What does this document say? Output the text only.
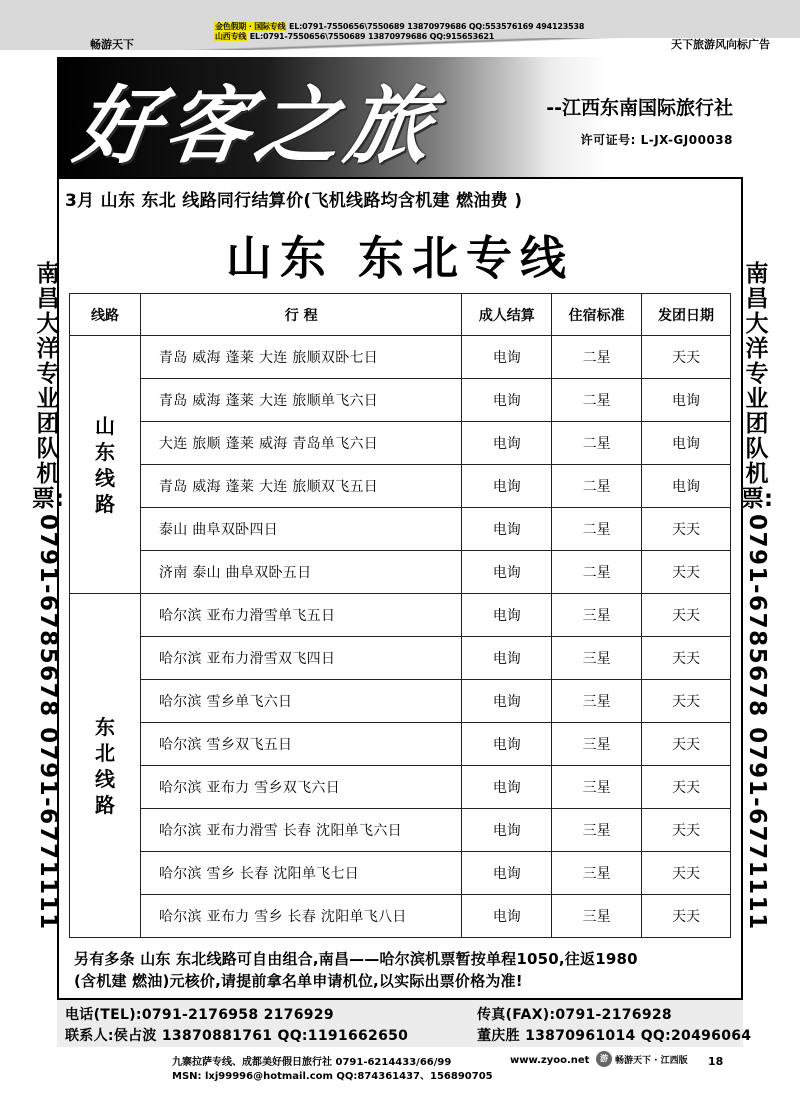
金色假期 · 国际专线 EL:0791-7550656\7550689 13870979686 QQ:553576169 494123538
山西专线 EL:0791-7550656\7550689 13870979686 QQ:915653621
畅游天下	天下旅游风向标广告
好客之旅	--江西东南国际旅行社
许可证号: L-JX-GJ00038
3月 山东 东北 线路同行结算价(飞机线路均含机建 燃油费 )
山东 东北专线
南昌大洋专业团队机票:
0791-6785678 0791-6771111
南昌大洋专业团队机票:
0791-6785678 0791-6771111
线路	行 程	成人结算	住宿标准	发团日期

山东线路	青岛 威海 蓬莱 大连 旅顺双卧七日	电询	二星	天天
	青岛 威海 蓬莱 大连 旅顺单飞六日	电询	二星	电询
	大连 旅顺 蓬莱 威海 青岛单飞六日	电询	二星	电询
	青岛 威海 蓬莱 大连 旅顺双飞五日	电询	二星	电询
	泰山 曲阜双卧四日	电询	二星	天天
	济南 泰山 曲阜双卧五日	电询	二星	天天

东北线路	哈尔滨 亚布力滑雪单飞五日	电询	三星	天天
	哈尔滨 亚布力滑雪双飞四日	电询	三星	天天
	哈尔滨 雪乡单飞六日	电询	三星	天天
	哈尔滨 雪乡双飞五日	电询	三星	天天
	哈尔滨 亚布力 雪乡双飞六日	电询	三星	天天
	哈尔滨 亚布力滑雪 长春 沈阳单飞六日	电询	三星	天天
	哈尔滨 雪乡 长春 沈阳单飞七日	电询	三星	天天
	哈尔滨 亚布力 雪乡 长春 沈阳单飞八日	电询	三星	天天
另有多条 山东 东北线路可自由组合,南昌——哈尔滨机票暂按单程1050,往返1980
(含机建 燃油)元核价,请提前拿名单申请机位,以实际出票价格为准!
电话(TEL):0791-2176958 2176929	传真(FAX):0791-2176928
联系人:侯占波 13870881761 QQ:1191662650	董庆胜 13870961014 QQ:20496064
九寨拉萨专线、成都美好假日旅行社 0791-6214433/66/99
MSN: lxj99996@hotmail.com QQ:874361437、156890705
www.zyoo.net	游 畅游天下 · 江西版 18
